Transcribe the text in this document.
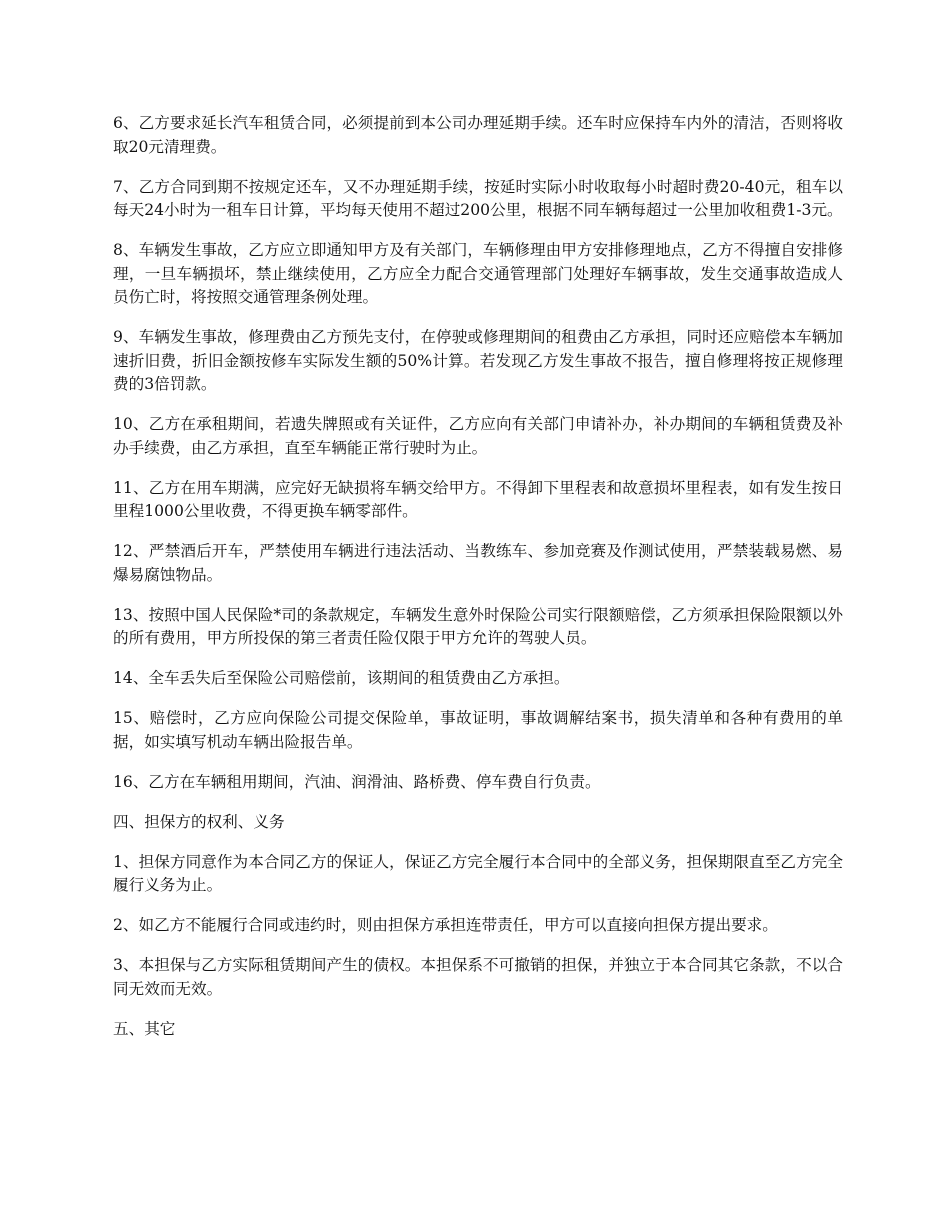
6、乙方要求延长汽车租赁合同，必须提前到本公司办理延期手续。还车时应保持车内外的清洁，否则将收取20元清理费。

7、乙方合同到期不按规定还车，又不办理延期手续，按延时实际小时收取每小时超时费20-40元，租车以每天24小时为一租车日计算，平均每天使用不超过200公里，根据不同车辆每超过一公里加收租费1-3元。

8、车辆发生事故，乙方应立即通知甲方及有关部门，车辆修理由甲方安排修理地点，乙方不得擅自安排修理，一旦车辆损坏，禁止继续使用，乙方应全力配合交通管理部门处理好车辆事故，发生交通事故造成人员伤亡时，将按照交通管理条例处理。

9、车辆发生事故，修理费由乙方预先支付，在停驶或修理期间的租费由乙方承担，同时还应赔偿本车辆加速折旧费，折旧金额按修车实际发生额的50%计算。若发现乙方发生事故不报告，擅自修理将按正规修理费的3倍罚款。

10、乙方在承租期间，若遗失牌照或有关证件，乙方应向有关部门申请补办，补办期间的车辆租赁费及补办手续费，由乙方承担，直至车辆能正常行驶时为止。

11、乙方在用车期满，应完好无缺损将车辆交给甲方。不得卸下里程表和故意损坏里程表，如有发生按日里程1000公里收费，不得更换车辆零部件。

12、严禁酒后开车，严禁使用车辆进行违法活动、当教练车、参加竞赛及作测试使用，严禁装载易燃、易爆易腐蚀物品。

13、按照中国人民保险*司的条款规定，车辆发生意外时保险公司实行限额赔偿，乙方须承担保险限额以外的所有费用，甲方所投保的第三者责任险仅限于甲方允许的驾驶人员。

14、全车丢失后至保险公司赔偿前，该期间的租赁费由乙方承担。

15、赔偿时，乙方应向保险公司提交保险单，事故证明，事故调解结案书，损失清单和各种有费用的单据，如实填写机动车辆出险报告单。

16、乙方在车辆租用期间，汽油、润滑油、路桥费、停车费自行负责。

四、担保方的权利、义务

1、担保方同意作为本合同乙方的保证人，保证乙方完全履行本合同中的全部义务，担保期限直至乙方完全履行义务为止。

2、如乙方不能履行合同或违约时，则由担保方承担连带责任，甲方可以直接向担保方提出要求。

3、本担保与乙方实际租赁期间产生的债权。本担保系不可撤销的担保，并独立于本合同其它条款，不以合同无效而无效。

五、其它
